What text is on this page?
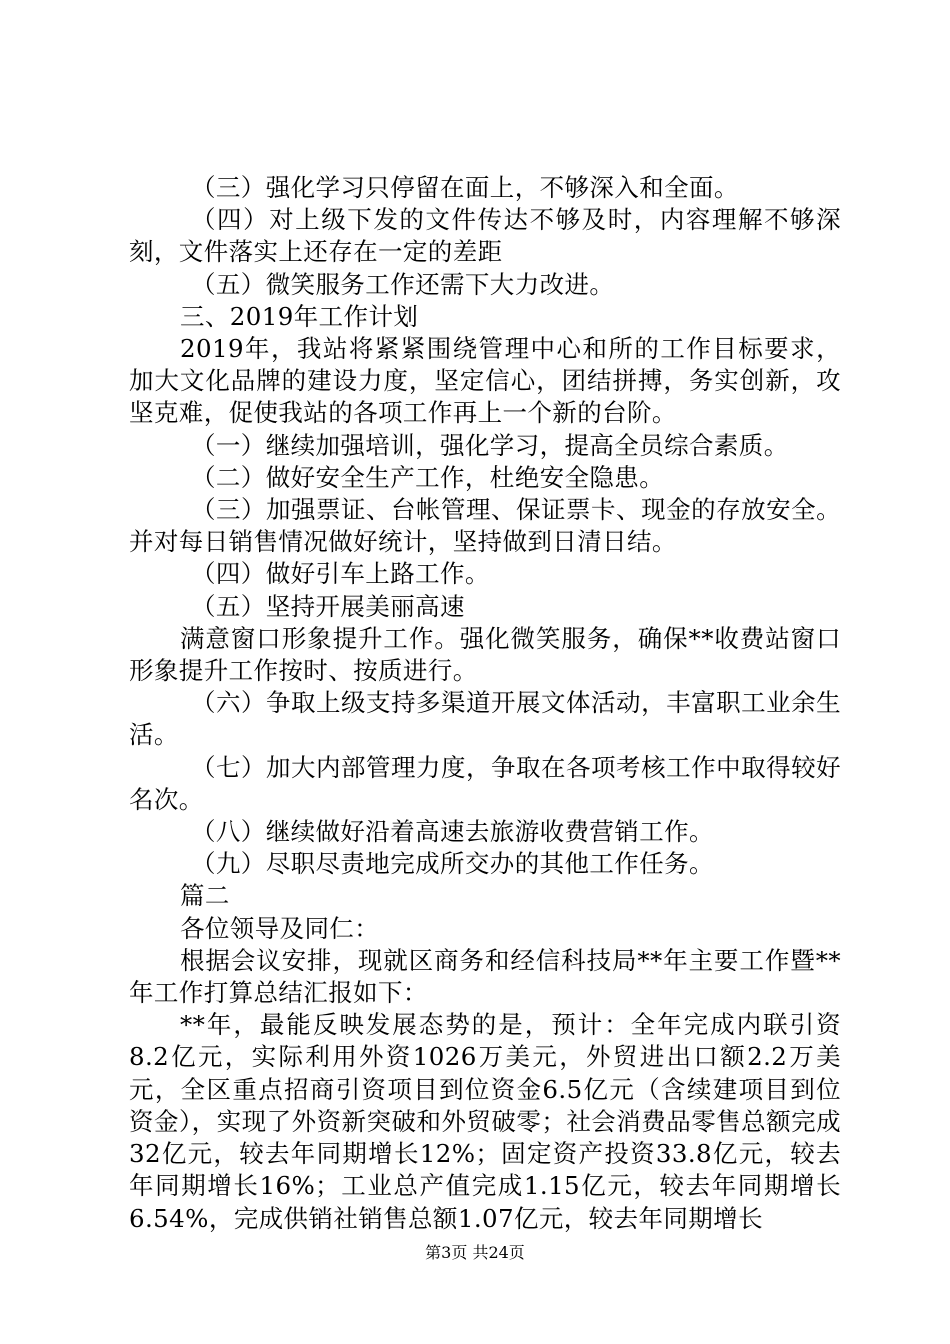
（三）强化学习只停留在面上，不够深入和全面。

（四）对上级下发的文件传达不够及时，内容理解不够深刻，文件落实上还存在一定的差距

（五）微笑服务工作还需下大力改进。

三、2019年工作计划

2019年，我站将紧紧围绕管理中心和所的工作目标要求，加大文化品牌的建设力度，坚定信心，团结拼搏，务实创新，攻坚克难，促使我站的各项工作再上一个新的台阶。

（一）继续加强培训，强化学习，提高全员综合素质。

（二）做好安全生产工作，杜绝安全隐患。

（三）加强票证、台帐管理、保证票卡、现金的存放安全。并对每日销售情况做好统计，坚持做到日清日结。

（四）做好引车上路工作。

（五）坚持开展美丽高速

满意窗口形象提升工作。强化微笑服务，确保**收费站窗口形象提升工作按时、按质进行。

（六）争取上级支持多渠道开展文体活动，丰富职工业余生活。

（七）加大内部管理力度，争取在各项考核工作中取得较好名次。

（八）继续做好沿着高速去旅游收费营销工作。

（九）尽职尽责地完成所交办的其他工作任务。

篇二

各位领导及同仁：

根据会议安排，现就区商务和经信科技局**年主要工作暨**年工作打算总结汇报如下：

**年，最能反映发展态势的是，预计：全年完成内联引资8.2亿元，实际利用外资1026万美元，外贸进出口额2.2万美元，全区重点招商引资项目到位资金6.5亿元（含续建项目到位资金），实现了外资新突破和外贸破零；社会消费品零售总额完成32亿元，较去年同期增长12%；固定资产投资33.8亿元，较去年同期增长16%；工业总产值完成1.15亿元，较去年同期增长6.54%，完成供销社销售总额1.07亿元，较去年同期增长

第3页 共24页
